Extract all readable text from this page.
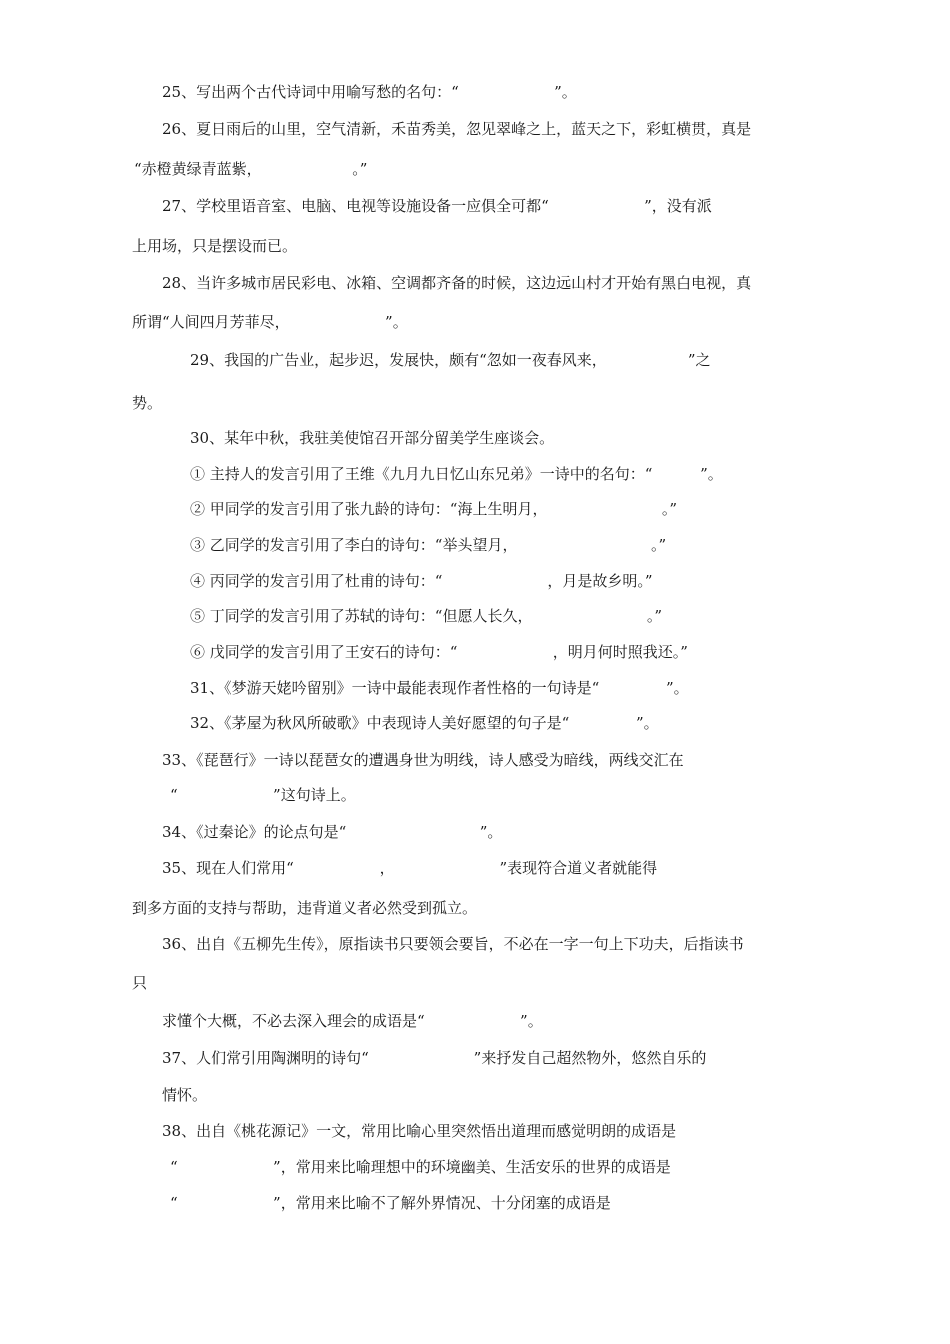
25、写出两个古代诗词中用喻写愁的名句：“                    ”。
26、夏日雨后的山里，空气清新，禾苗秀美，忽见翠峰之上，蓝天之下，彩虹横贯，真是
“赤橙黄绿青蓝紫，                   。”
27、学校里语音室、电脑、电视等设施设备一应俱全可都“                    ”，没有派
上用场，只是摆设而已。
28、当许多城市居民彩电、冰箱、空调都齐备的时候，这边远山村才开始有黑白电视，真
所谓“人间四月芳菲尽，                    ”。
29、我国的广告业，起步迟，发展快，颇有“忽如一夜春风来，                 ”之
势。
30、某年中秋，我驻美使馆召开部分留美学生座谈会。
① 主持人的发言引用了王维《九月九日忆山东兄弟》一诗中的名句：“          ”。
② 甲同学的发言引用了张九龄的诗句：“海上生明月，                        。”
③ 乙同学的发言引用了李白的诗句：“举头望月，                            。”
④ 丙同学的发言引用了杜甫的诗句：“                      ，月是故乡明。”
⑤ 丁同学的发言引用了苏轼的诗句：“但愿人长久，                        。”
⑥ 戊同学的发言引用了王安石的诗句：“                    ，明月何时照我还。”
31、《梦游天姥吟留别》一诗中最能表现作者性格的一句诗是“              ”。
32、《茅屋为秋风所破歌》中表现诗人美好愿望的句子是“              ”。
33、《琵琶行》一诗以琵琶女的遭遇身世为明线，诗人感受为暗线，两线交汇在
“                    ”这句诗上。
34、《过秦论》的论点句是“                            ”。
35、现在人们常用“                  ，                      ”表现符合道义者就能得
到多方面的支持与帮助，违背道义者必然受到孤立。
36、出自《五柳先生传》，原指读书只要领会要旨，不必在一字一句上下功夫，后指读书
只
求懂个大概，不必去深入理会的成语是“                    ”。
37、人们常引用陶渊明的诗句“                      ”来抒发自己超然物外，悠然自乐的
情怀。
38、出自《桃花源记》一文，常用比喻心里突然悟出道理而感觉明朗的成语是
“                    ”，常用来比喻理想中的环境幽美、生活安乐的世界的成语是
“                    ”，常用来比喻不了解外界情况、十分闭塞的成语是
